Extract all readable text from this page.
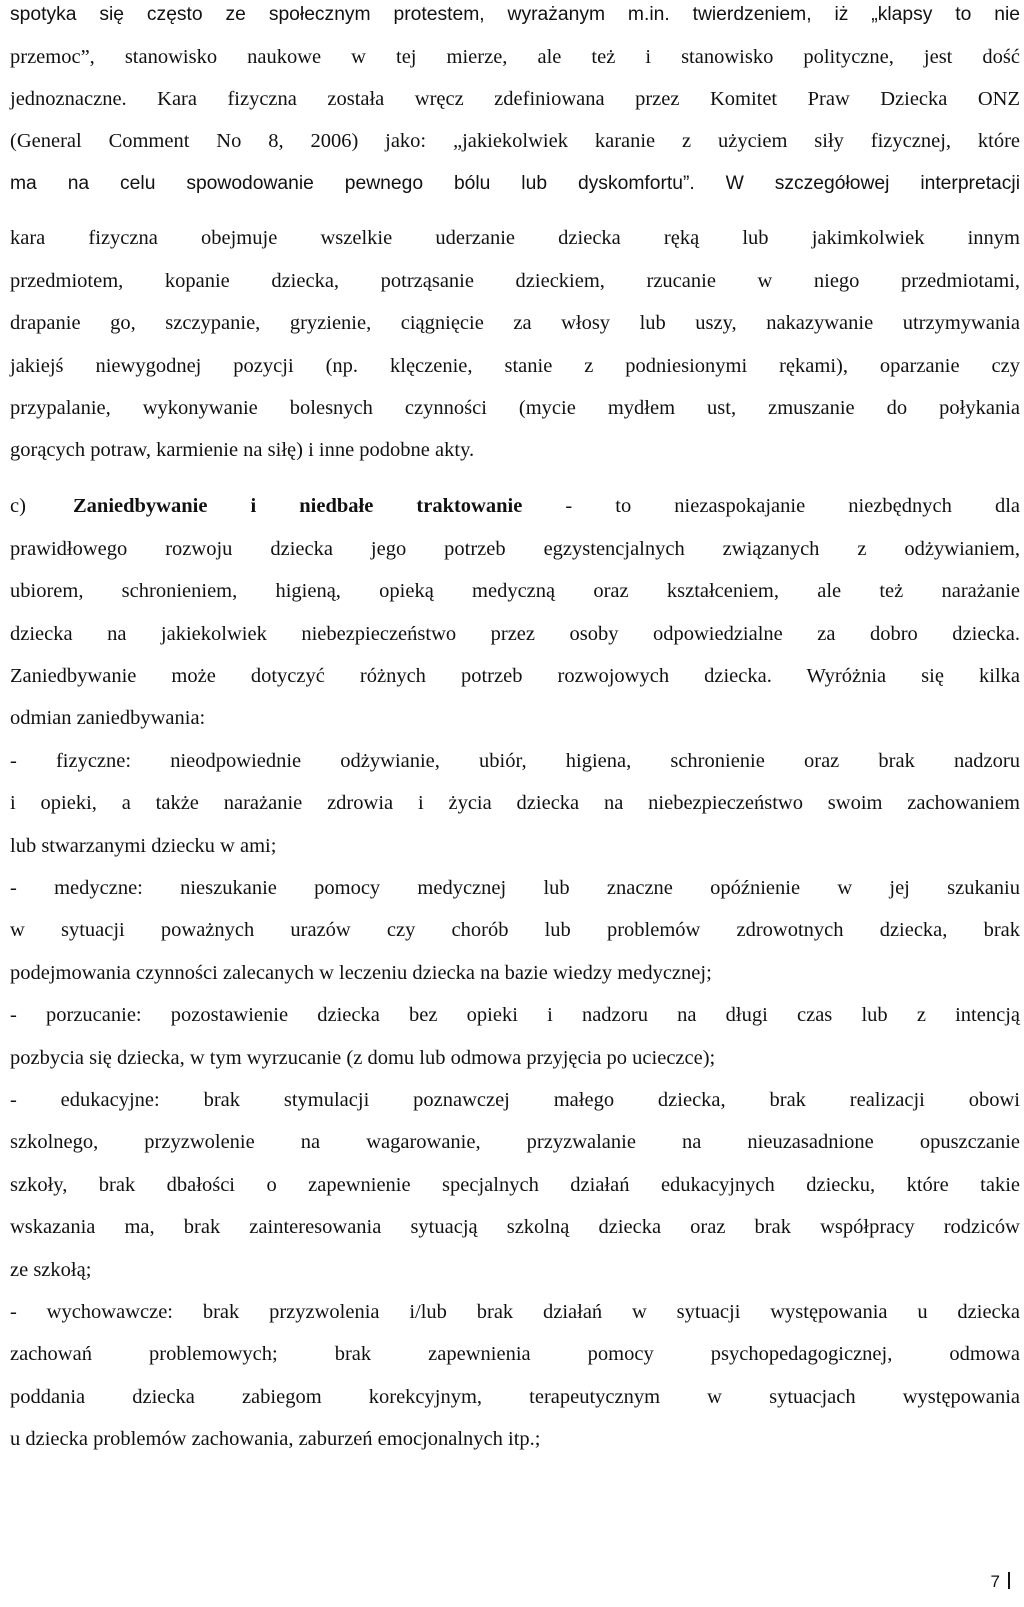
spotyka się często ze społecznym protestem, wyrażanym m.in. twierdzeniem, iż „klapsy to nie
przemoc”, stanowisko naukowe w tej mierze, ale też i stanowisko polityczne, jest dość
jednoznaczne. Kara fizyczna została wręcz zdefiniowana przez Komitet Praw Dziecka ONZ
(General Comment No 8, 2006) jako: „jakiekolwiek karanie z użyciem siły fizycznej, które
ma na celu spowodowanie pewnego bólu lub dyskomfortu”. W szczegółowej interpretacji
kara fizyczna obejmuje wszelkie uderzanie dziecka ręką lub jakimkolwiek innym
przedmiotem, kopanie dziecka, potrząsanie dzieckiem, rzucanie w niego przedmiotami,
drapanie go, szczypanie, gryzienie, ciągnięcie za włosy lub uszy, nakazywanie utrzymywania
jakiejś niewygodnej pozycji (np. klęczenie, stanie z podniesionymi rękami), oparzanie czy
przypalanie, wykonywanie bolesnych czynności (mycie mydłem ust, zmuszanie do połykania
gorących potraw, karmienie na siłę) i inne podobne akty.
c) Zaniedbywanie i niedbałe traktowanie - to niezaspokajanie niezbędnych dla
prawidłowego rozwoju dziecka jego potrzeb egzystencjalnych związanych z odżywianiem,
ubiorem, schronieniem, higieną, opieką medyczną oraz kształceniem, ale też narażanie
dziecka na jakiekolwiek niebezpieczeństwo przez osoby odpowiedzialne za dobro dziecka.
Zaniedbywanie może dotyczyć różnych potrzeb rozwojowych dziecka. Wyróżnia się kilka
odmian zaniedbywania:
- fizyczne: nieodpowiednie odżywianie, ubiór, higiena, schronienie oraz brak nadzoru
i opieki, a także narażanie zdrowia i życia dziecka na niebezpieczeństwo swoim zachowaniem
lub stwarzanymi dziecku w ami;
- medyczne: nieszukanie pomocy medycznej lub znaczne opóźnienie w jej szukaniu
w sytuacji poważnych urazów czy chorób lub problemów zdrowotnych dziecka, brak
podejmowania czynności zalecanych w leczeniu dziecka na bazie wiedzy medycznej;
- porzucanie: pozostawienie dziecka bez opieki i nadzoru na długi czas lub z intencją
pozbycia się dziecka, w tym wyrzucanie (z domu lub odmowa przyjęcia po ucieczce);
- edukacyjne: brak stymulacji poznawczej małego dziecka, brak realizacji obowi
szkolnego, przyzwolenie na wagarowanie, przyzwalanie na nieuzasadnione opuszczanie
szkoły, brak dbałości o zapewnienie specjalnych działań edukacyjnych dziecku, które takie
wskazania ma, brak zainteresowania sytuacją szkolną dziecka oraz brak współpracy rodziców
ze szkołą;
- wychowawcze: brak przyzwolenia i/lub brak działań w sytuacji występowania u dziecka
zachowań problemowych; brak zapewnienia pomocy psychopedagogicznej, odmowa
poddania dziecka zabiegom korekcyjnym, terapeutycznym w sytuacjach występowania
u dziecka problemów zachowania, zaburzeń emocjonalnych itp.;
7
